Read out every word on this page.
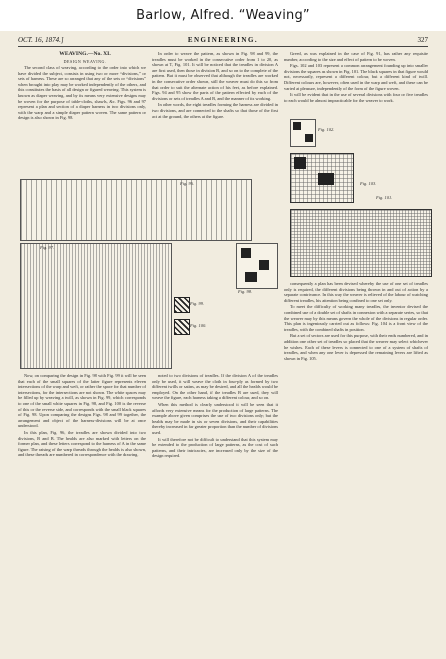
Barlow, Alfred. “Weaving”
OCT. 16, 1874.]	ENGINEERING.	327

WEAVING.—No. XI.

DESIGN WEAVING.

The second class of weaving, according to the order into which we have divided the subject, consists in using two or more “divisions,” or sets of harness. These are so arranged that any of the sets or “divisions” when brought into play may be worked independently of the others, and this constitutes the basis of all design or figured weaving. This system is known as diaper weaving, and by its means very extensive designs may be woven for the purpose of table-cloths, shawls, &c. Figs. 96 and 97 represent a plan and section of a diaper harness in two divisions only, with the warp and a simple diaper pattern woven. The same pattern or design is also shown in Fig. 98.

In order to weave the pattern, as shown in Fig. 98 and 99, the treadles must be worked in the consecutive order from 1 to 20, as shown at T, Fig. 101. It will be noticed that the treadles in division A are first used, then those in division B, and so on to the complete of the pattern. But it must be observed that although the treadles are worked in the consecutive order shown, still the weaver must do this so from that order to suit the alternate action of his feet, as before explained. Figs. 94 and 95 show the parts of the pattern effected by each of the divisions or sets of treadles A and B, and the manner of its working.

In other words, the eight treadles forming the harness are divided in two divisions, and are connected to the shafts so that those of the first act at the ground, the others at the figure.

Greed, as was explained in the case of Fig. 91, has rather any requisite number, according to the size and effect of pattern to be woven.

Figs. 102 and 103 represent a common arrangement founding up into smaller divisions the squares as shown in Fig. 101. The black squares in that figure would not, necessarily, represent a different colour, but a different kind of twill. Different colours are, however, often used in the warp and weft, and these can be varied at pleasure, independently of the form of the figure woven.

It will be evident that in the use of several divisions with four or five treadles to each would be almost impracticable for the weaver to work.

Fig. 96.
Fig. 97.
Fig. 99.
Fig. 100.
Fig. 98.
Fig. 102.
Fig. 103.
Fig. 101.

Now, on comparing the design in Fig. 98 with Fig. 99 it will be seen that each of the small squares of the latter figure represents eleven intersections of the warp and weft, or rather the space for that number of intersections, for the intersections are not shown. The white spaces may be filled up by weaving a twill, as shown in Fig. 99, which corresponds to one of the small white squares in Fig. 98, and Fig. 100 is the reverse of this or the reverse side, and corresponds with the small black squares of Fig. 98. Upon comparing the designs Figs. 98 and 99 together, the arrangement and object of the harness-divisions will be at once understood.

In this plan, Fig. 96, the treadles are shown divided into two divisions, B and B. The healds are also marked with letters on the former plan, and these letters correspond to the harness of A in the same figure. The raising of the warp threads through the healds is also shown, and these threads are numbered in correspondence with the drawing.

noted to two divisions of treadles. If the division A of the treadles only be used, it will weave the cloth in four-ply as formed by two different twills or satins, as may be desired, and all the healds would be employed. On the other hand, if the treadles B are used, they will weave the figure, each harness taking a different colour, and so on.

When this method is clearly understood it will be seen that it affords very extensive means for the production of large patterns. The example above given comprises the use of two divisions only; but the healds may be made in six or seven divisions, and their capabilities thereby increased in far greater proportion than the number of divisions used.

It will therefore not be difficult to understand that this system may be extended to the production of large patterns, as the cost of such patterns, and their intricacies, are increased only by the size of the design required.

consequently a plan has been devised whereby the use of one set of treadles only is required, the different divisions being thrown in and out of action by a separate contrivance. In this way the weaver is relieved of the labour of watching different treadles, his attention being confined to one set only.

To meet the difficulty of working many treadles, the inventor devised the combined use of a double set of shafts in connexion with a separate series, so that the weaver may by this means govern the whole of the divisions in regular order. This plan is ingeniously carried out as follows: Fig. 104 is a front view of the treadles, with the combined shafts in position.

But a set of sectors are used for this purpose, with their ends numbered, and in addition one other set of treadles so placed that the weaver may select whichever he wishes. Each of these levers is connected to one of a system of shafts of treadles, and when any one lever is depressed the remaining levers are lifted as shown in Fig. 105.
